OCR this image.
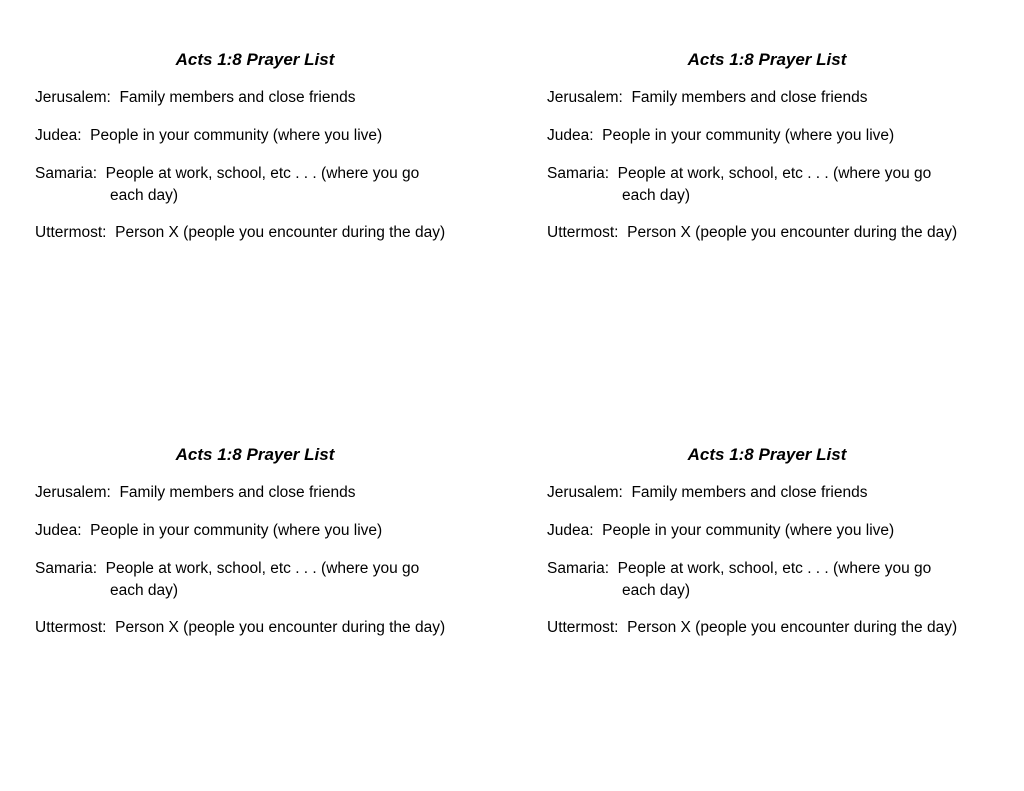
Acts 1:8 Prayer List
Jerusalem: Family members and close friends
Judea: People in your community (where you live)
Samaria: People at work, school, etc . . . (where you go
each day)
Uttermost: Person X (people you encounter during the day)
Acts 1:8 Prayer List
Jerusalem: Family members and close friends
Judea: People in your community (where you live)
Samaria: People at work, school, etc . . . (where you go
each day)
Uttermost: Person X (people you encounter during the day)
Acts 1:8 Prayer List
Jerusalem: Family members and close friends
Judea: People in your community (where you live)
Samaria: People at work, school, etc . . . (where you go
each day)
Uttermost: Person X (people you encounter during the day)
Acts 1:8 Prayer List
Jerusalem: Family members and close friends
Judea: People in your community (where you live)
Samaria: People at work, school, etc . . . (where you go
each day)
Uttermost: Person X (people you encounter during the day)
